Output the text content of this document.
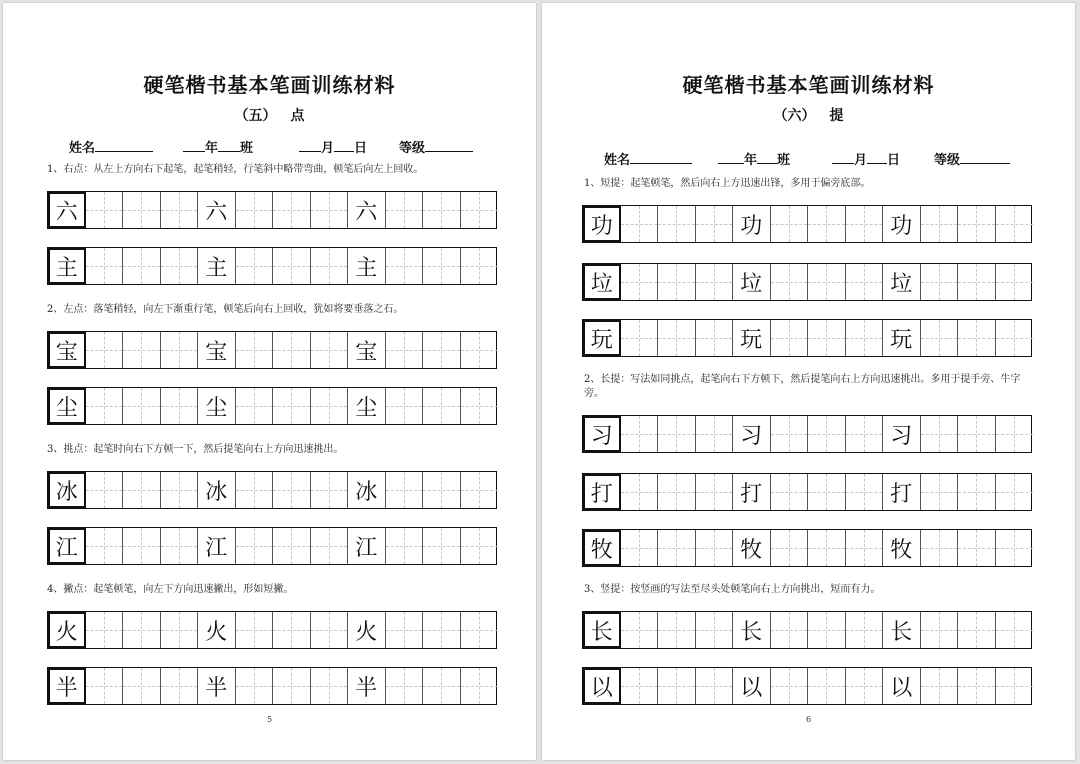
硬笔楷书基本笔画训练材料
（五） 点
姓名	年 班	月 日 等级
1、右点：从左上方向右下起笔，起笔稍轻，行笔斜中略带弯曲，顿笔后向左上回收。
2、左点：落笔稍轻，向左下渐重行笔，顿笔后向右上回收，犹如将要垂落之石。
3、挑点：起笔时向右下方顿一下，然后提笔向右上方向迅速挑出。
4、撇点：起笔顿笔，向左下方向迅速撇出，形如短撇。
六	六	六
主	主	主
宝	宝	宝
尘	尘	尘
冰	冰	冰
江	江	江
火	火	火
半	半	半
5
硬笔楷书基本笔画训练材料
（六） 提
姓名	年 班	月 日	等级
1、短提：起笔顿笔，然后向右上方迅速出锋，多用于偏旁底部。
2、长提：写法如同挑点，起笔向右下方顿下，然后提笔向右上方向迅速挑出。多用于提手旁、牛字旁。
3、竖提：按竖画的写法至尽头处顿笔向右上方向挑出，短而有力。
功	功	功
垃	垃	垃
玩	玩	玩
习	习	习
打	打	打
牧	牧	牧
长	长	长
以	以	以
6
